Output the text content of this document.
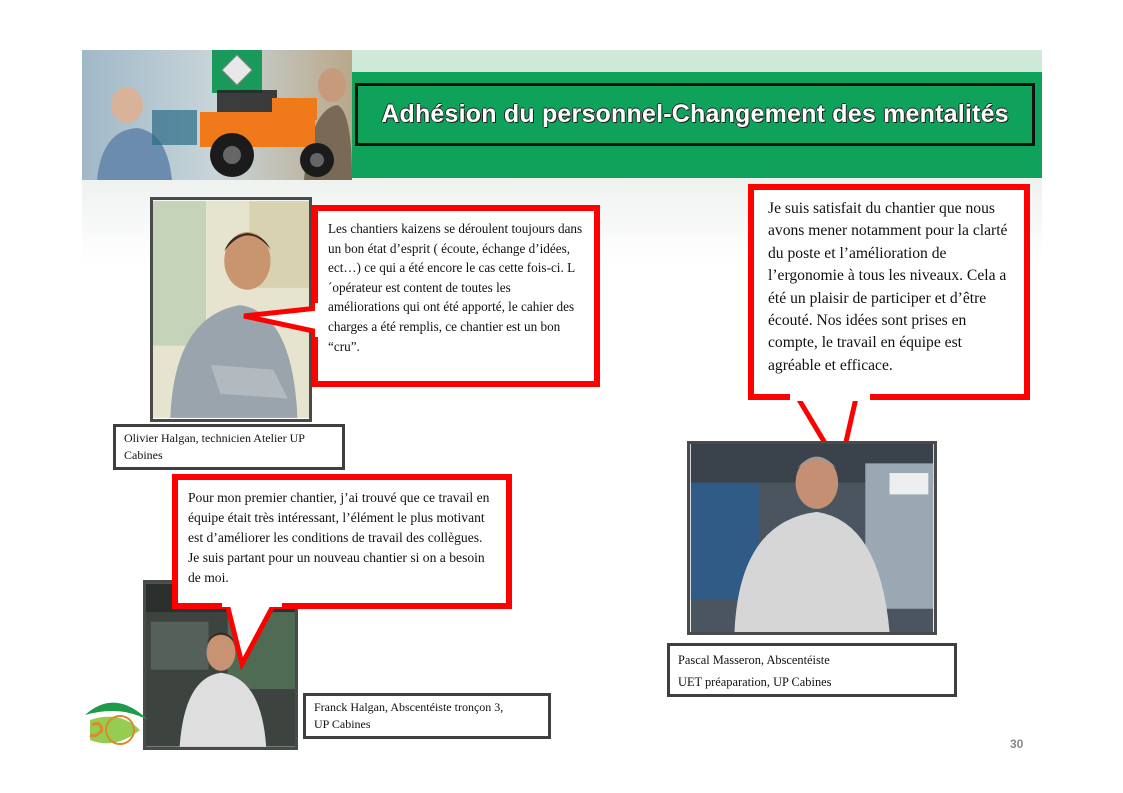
Adhésion du personnel-Changement des mentalités
Les chantiers kaizens se déroulent toujours dans un bon état d’esprit ( écoute, échange d’idées, ect…) ce qui a été encore le cas cette fois-ci. L´opérateur est content de toutes les améliorations qui ont été apporté, le cahier des charges a été remplis, ce chantier est un bon “cru”.
Olivier Halgan, technicien Atelier UP
Cabines
Pour mon premier chantier, j’ai trouvé que ce travail en équipe était très intéressant, l’élément le plus motivant est d’améliorer les conditions de travail des collègues. Je suis partant pour un nouveau chantier si on a besoin de moi.
Franck Halgan, Abscentéiste tronçon 3,
UP Cabines
Je suis satisfait du chantier que nous avons mener notamment pour la clarté du poste et l’amélioration de l’ergonomie à tous les niveaux. Cela a été un plaisir de participer et d’être écouté. Nos idées sont prises en compte, le travail en équipe est agréable et efficace.
Pascal Masseron, Abscentéiste
UET préaparation, UP Cabines
30
